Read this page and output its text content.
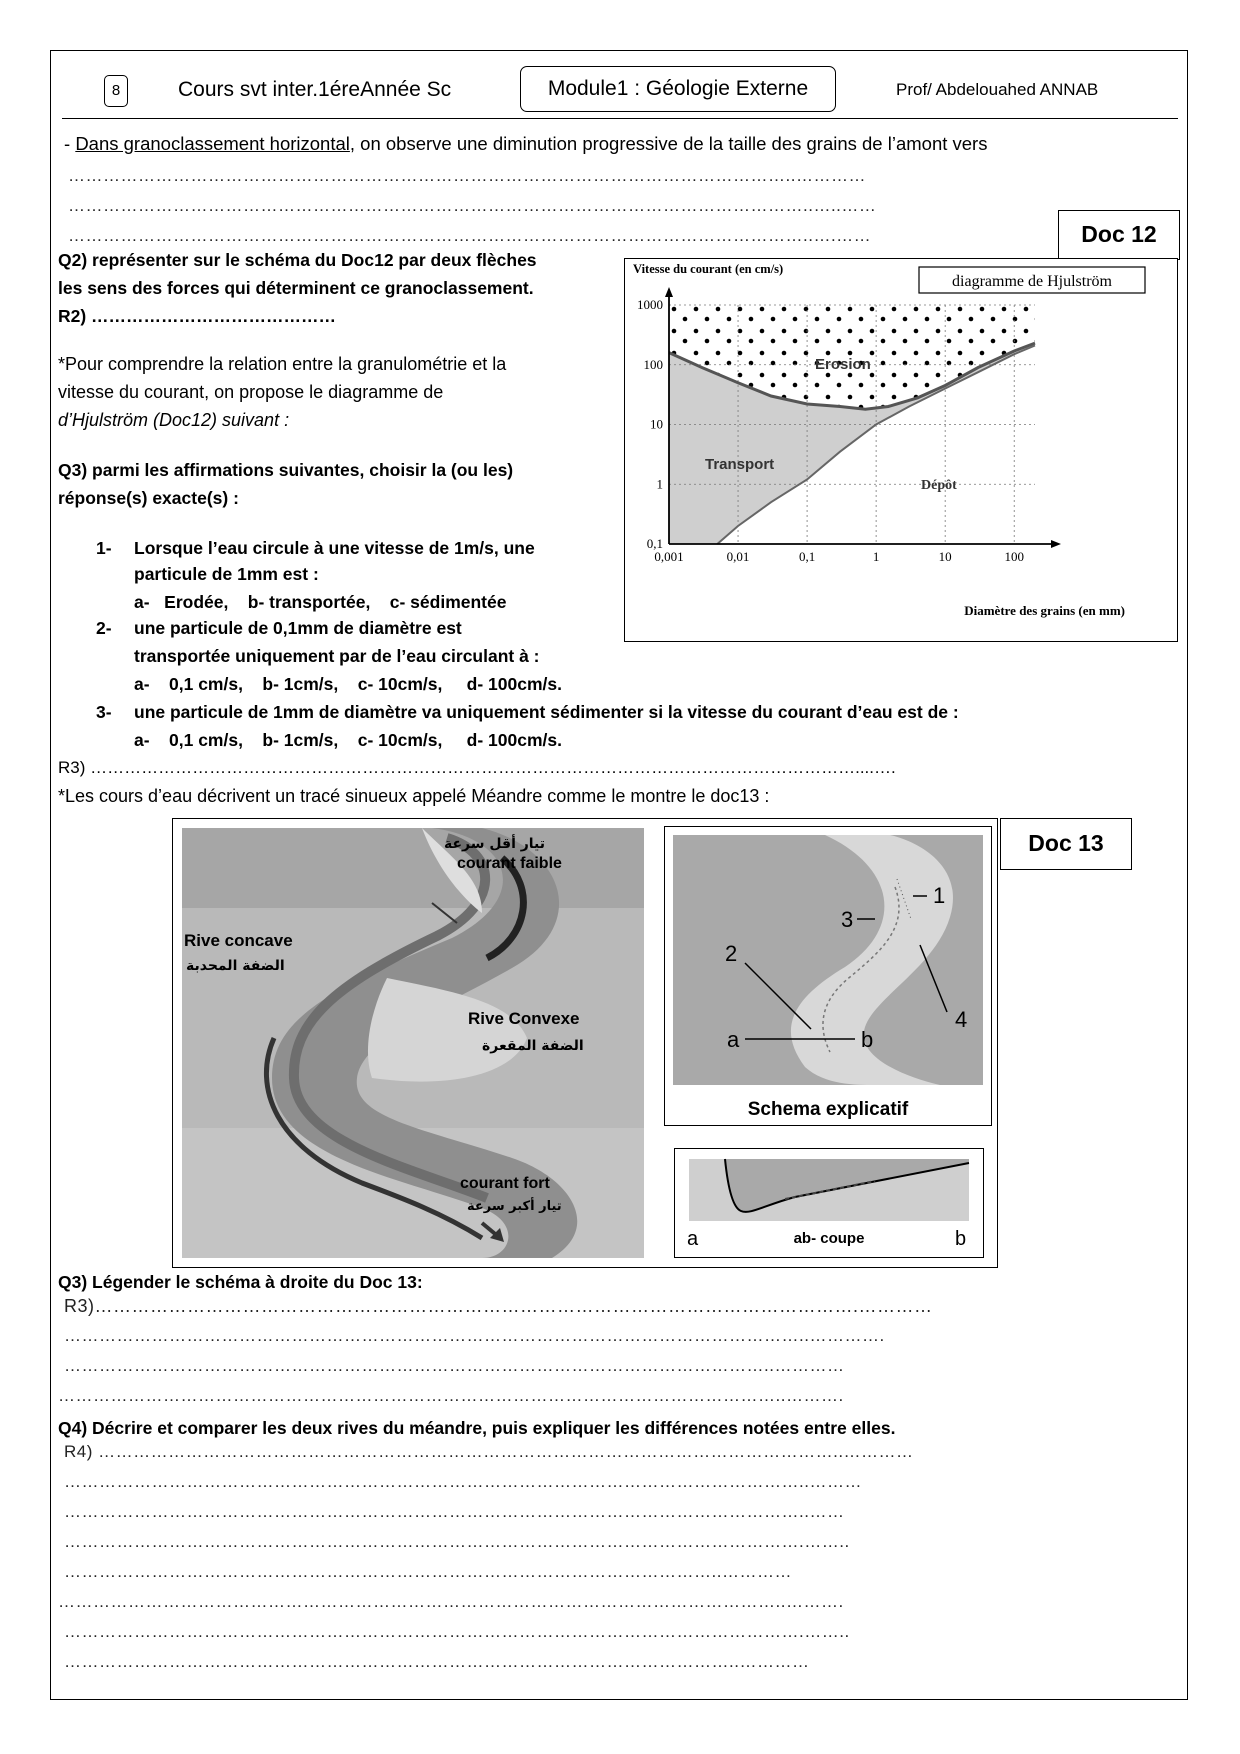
8	Cours svt inter.1éreAnnée Sc	Module1 : Géologie Externe	Prof/ Abdelouahed ANNAB
- Dans granoclassement horizontal, on observe une diminution progressive de la taille des grains de l’amont vers
……………………………………………………………………………………………………………..…………
………………………………………………………………………………………………………………..…..……
………………………………………………………………………………………………………………..….……	Doc 12
Q2) représenter sur le schéma du Doc12 par deux flèches
les sens des forces qui déterminent ce granoclassement.
R2) ……………………………………
*Pour comprendre la relation entre la granulométrie et la
vitesse du courant, on propose le diagramme de
d’Hjulström (Doc12) suivant :
Q3) parmi les affirmations suivantes, choisir la (ou les)
réponse(s) exacte(s) :
1- Lorsque l’eau circule à une vitesse de 1m/s, une
particule de 1mm est :
a-   Erodée,    b- transportée,    c- sédimentée
2- une particule de 0,1mm de diamètre est
transportée uniquement par de l’eau circulant à :
a-    0,1 cm/s,    b- 1cm/s,    c- 10cm/s,     d- 100cm/s.
3- une particule de 1mm de diamètre va uniquement sédimenter si la vitesse du courant d’eau est de :
a-    0,1 cm/s,    b- 1cm/s,    c- 10cm/s,     d- 100cm/s.
R3) ………………………………………………………………………………………………………………………....….
*Les cours d’eau décrivent un tracé sinueux appelé Méandre comme le montre le doc13 :
0,001	0,01	0,1	1	10	100
0,1
1
10
100
1000
Vitesse du courant (en cm/s)
Diamètre des grains (en mm)
diagramme de Hjulström
Erosion
Transport
Dépôt
Doc 13
تيار أقل سرعة
courant faible
Rive concave
الضفة المحدبة
Rive Convexe
الضفة المقعرة
courant fort
تيار أكبر سرعة
1
2
3
4
a	b
Schema explicatif
a	b
ab- coupe
Q3) Légender le schéma à droite du Doc 13:
R3)…………………………………………………………………………………………………………….…………
………………………………………………………………………………………………………………..………….
…………………………………………………………………………………………………………..…………
……………………………………………………………………………………………………………..……….
Q4) Décrire et comparer les deux rives du méandre, puis expliquer les différences notées entre elles.
R4) ………………………………………………………………………………………………………………..…………
………………………………………………………………………………………………………………..………
………………………………………………………………………………………………………………..……
……………………………………………………………………………………………………………….……..
…………………………………………………………………………………………………..…………
……………………………………………………………………………………………………………..……….
……………………………………………………………………………………………………………….……..
……………………………………………………………………………………………………..…………
